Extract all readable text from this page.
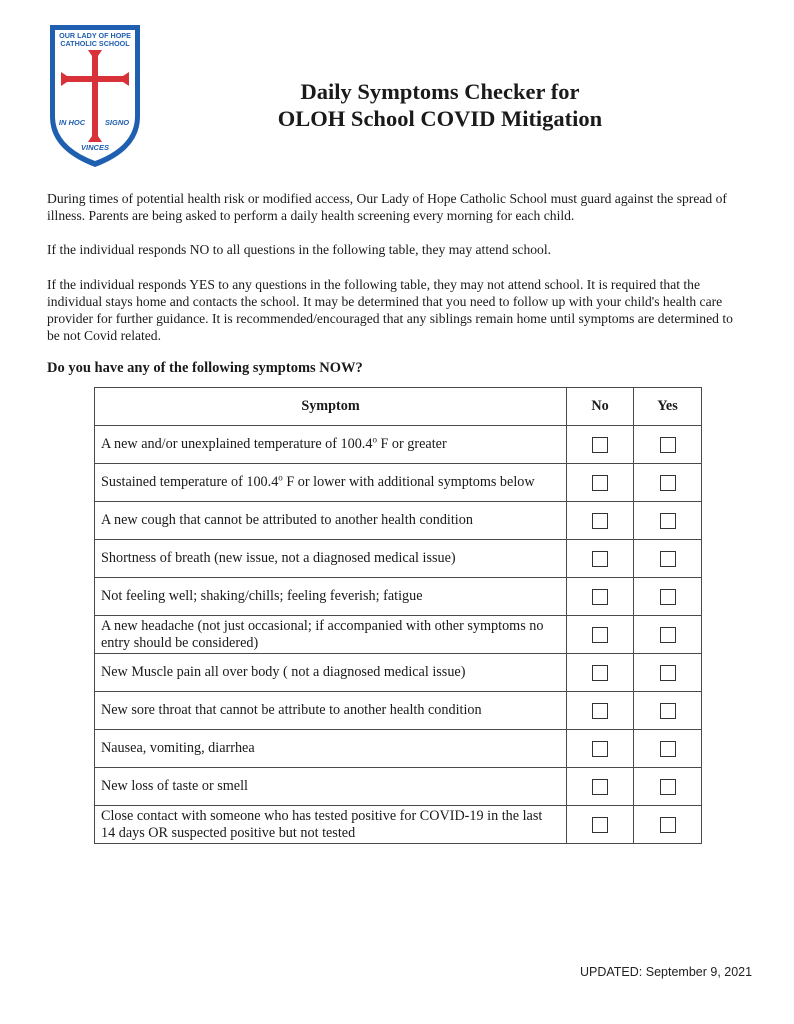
OUR LADY OF HOPE
CATHOLIC SCHOOL
IN HOC	SIGNO
VINCES
Daily Symptoms Checker for
OLOH School COVID Mitigation

During times of potential health risk or modified access, Our Lady of Hope Catholic School must guard against the spread of illness. Parents are being asked to perform a daily health screening every morning for each child.

If the individual responds NO to all questions in the following table, they may attend school.

If the individual responds YES to any questions in the following table, they may not attend school. It is required that the individual stays home and contacts the school. It may be determined that you need to follow up with your child's health care provider for further guidance. It is recommended/encouraged that any siblings remain home until symptoms are determined to be not Covid related.

Do you have any of the following symptoms NOW?
Symptom	No	Yes
A new and/or unexplained temperature of 100.4$^o$ F or greater		
Sustained temperature of 100.4$^o$ F or lower with additional symptoms below		
A new cough that cannot be attributed to another health condition		
Shortness of breath (new issue, not a diagnosed medical issue)		
Not feeling well; shaking/chills; feeling feverish; fatigue		
A new headache (not just occasional; if accompanied with other symptoms no entry should be considered)		
New Muscle pain all over body ( not a diagnosed medical issue)		
New sore throat that cannot be attribute to another health condition		
Nausea, vomiting, diarrhea		
New loss of taste or smell		
Close contact with someone who has tested positive for COVID-19 in the last 14 days OR suspected positive but not tested		
UPDATED: September 9, 2021
